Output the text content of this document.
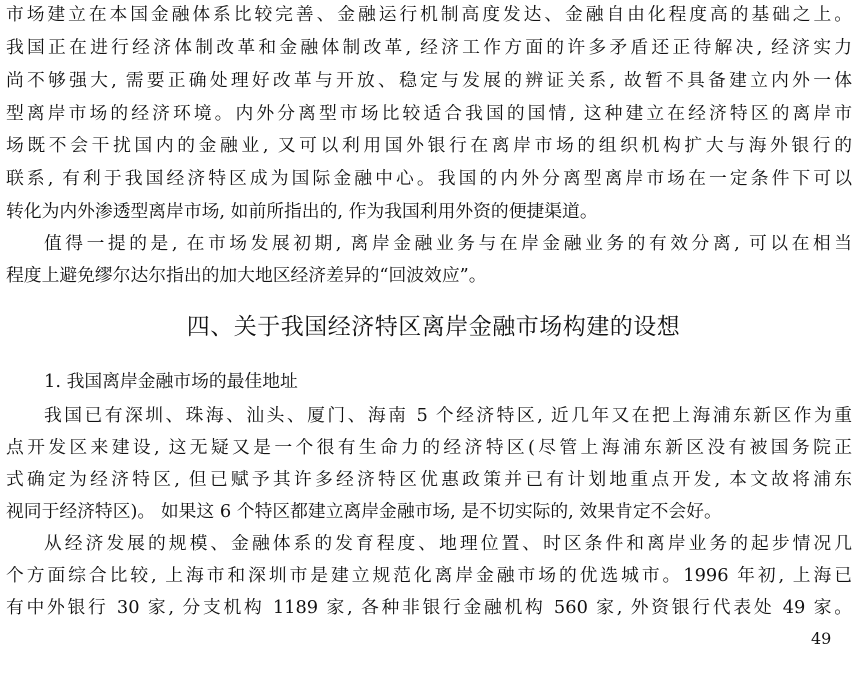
市场建立在本国金融体系比较完善、金融运行机制高度发达、金融自由化程度高的基础之上。
我国正在进行经济体制改革和金融体制改革, 经济工作方面的许多矛盾还正待解决, 经济实力
尚不够强大, 需要正确处理好改革与开放、稳定与发展的辨证关系, 故暂不具备建立内外一体
型离岸市场的经济环境。内外分离型市场比较适合我国的国情, 这种建立在经济特区的离岸市
场既不会干扰国内的金融业, 又可以利用国外银行在离岸市场的组织机构扩大与海外银行的
联系, 有利于我国经济特区成为国际金融中心。我国的内外分离型离岸市场在一定条件下可以
转化为内外渗透型离岸市场, 如前所指出的, 作为我国利用外资的便捷渠道。
值得一提的是, 在市场发展初期, 离岸金融业务与在岸金融业务的有效分离, 可以在相当
程度上避免缪尔达尔指出的加大地区经济差异的“回波效应”。
四、关于我国经济特区离岸金融市场构建的设想
1. 我国离岸金融市场的最佳地址
我国已有深圳、珠海、汕头、厦门、海南 5 个经济特区, 近几年又在把上海浦东新区作为重
点开发区来建设, 这无疑又是一个很有生命力的经济特区(尽管上海浦东新区没有被国务院正
式确定为经济特区, 但已赋予其许多经济特区优惠政策并已有计划地重点开发, 本文故将浦东
视同于经济特区)。 如果这 6 个特区都建立离岸金融市场, 是不切实际的, 效果肯定不会好。
从经济发展的规模、金融体系的发育程度、地理位置、时区条件和离岸业务的起步情况几
个方面综合比较, 上海市和深圳市是建立规范化离岸金融市场的优选城市。1996 年初, 上海已
有中外银行 30 家, 分支机构 1189 家, 各种非银行金融机构 560 家, 外资银行代表处 49 家。
49
